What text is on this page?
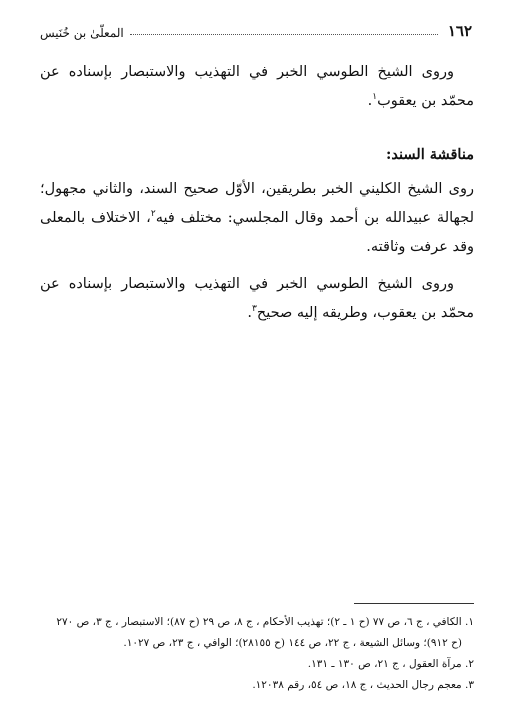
١٦٢
المعلّىٰ بن خُنَيس

وروى الشيخ الطوسي الخبر في التهذيب والاستبصار بإسناده عن محمّد بن يعقوب$^١$.

مناقشة السند:

روى الشيخ الكليني الخبر بطريقين، الأوّل صحيح السند، والثاني مجهول؛ لجهالة عبيدالله بن أحمد وقال المجلسي: مختلف فيه$^٢$، الاختلاف بالمعلى وقد عرفت وثاقته.

وروى الشيخ الطوسي الخبر في التهذيب والاستبصار بإسناده عن محمّد بن يعقوب، وطريقه إليه صحيح$^٣$.

١. الكافي ، ج ٦، ص ٧٧ (ح ١ ـ ٢)؛ تهذيب الأحكام ، ج ٨، ص ٢٩ (ح ٨٧)؛ الاستبصار ، ج ٣، ص ٢٧٠

(ح ٩١٢)؛ وسائل الشيعة ، ج ٢٢، ص ١٤٤ (ح ٢٨١٥٥)؛ الوافي ، ج ٢٣، ص ١٠٢٧.

٢. مرآة العقول ، ج ٢١، ص ١٣٠ ـ ١٣١.

٣. معجم رجال الحديث ، ج ١٨، ص ٥٤، رقم ١٢٠٣٨.
